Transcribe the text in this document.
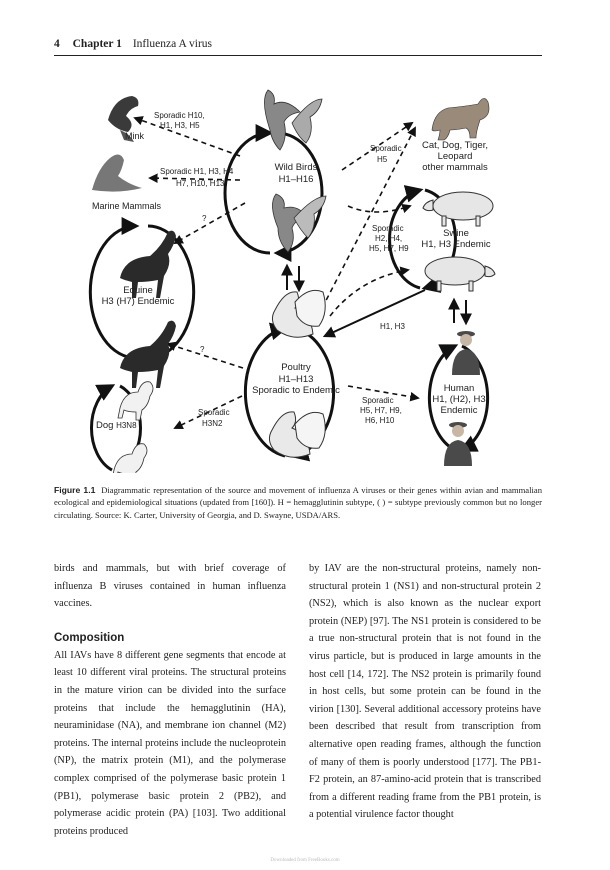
4 Chapter 1 Influenza A virus
Mink
Marine Mammals
Wild Birds
H1–H16
Cat, Dog, Tiger,
Leopard
other mammals
Swine
H1, H3 Endemic
Equine
H3 (H7) Endemic
Poultry
H1–H13
Sporadic to Endemic	Human
H1, (H2), H3
Endemic
Dog H3N8
Sporadic H10,
H1, H3, H5
Sporadic H1, H3, H4
H7, H10, H13
?
Sporadic
H5
Sporadic
H2, H4,
H5, H7, H9
H1, H3
?
Sporadic
H3N2
Sporadic
H5, H7, H9,
H6, H10
Figure 1.1 Diagrammatic representation of the source and movement of influenza A viruses or their genes within avian and mammalian ecological and epidemiological situations (updated from [160]). H = hemagglutinin subtype, ( ) = subtype previously common but no longer circulating. Source: K. Carter, University of Georgia, and D. Swayne, USDA/ARS.

birds and mammals, but with brief coverage of influenza B viruses contained in human influenza vaccines.

Composition

All IAVs have 8 different gene segments that encode at least 10 different viral proteins. The structural proteins in the mature virion can be divided into the surface proteins that include the hemagglutinin (HA), neuraminidase (NA), and membrane ion channel (M2) proteins. The internal proteins include the nucleoprotein (NP), the matrix protein (M1), and the polymerase complex comprised of the polymerase basic protein 1 (PB1), polymerase basic protein 2 (PB2), and polymerase acidic protein (PA) [103]. Two additional proteins produced

by IAV are the non-structural proteins, namely non-structural protein 1 (NS1) and non-structural protein 2 (NS2), which is also known as the nuclear export protein (NEP) [97]. The NS1 protein is considered to be a true non-structural protein that is not found in the virus particle, but is produced in large amounts in the host cell [14, 172]. The NS2 protein is primarily found in host cells, but some protein can be found in the virion [130]. Several additional accessory proteins have been described that result from transcription from alternative open reading frames, although the function of many of them is poorly understood [177]. The PB1-F2 protein, an 87-amino-acid protein that is transcribed from a different reading frame from the PB1 protein, is a potential virulence factor thought

Downloaded from FreeBooks.com
